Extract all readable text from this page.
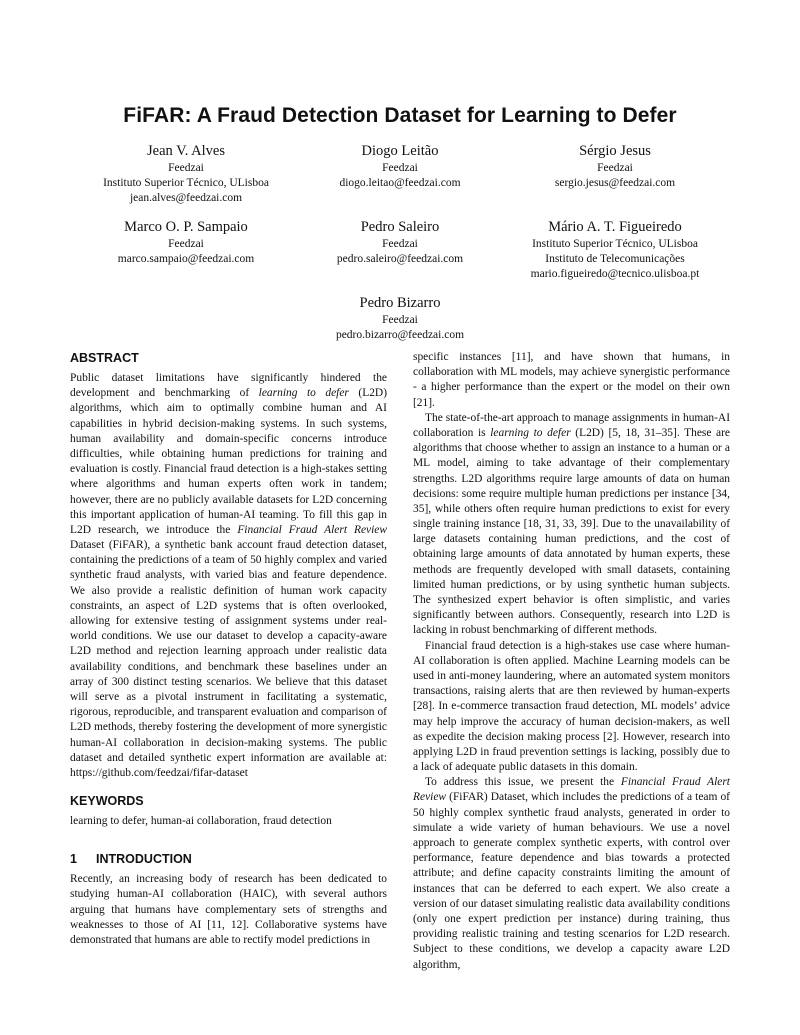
FiFAR: A Fraud Detection Dataset for Learning to Defer
Jean V. Alves
Feedzai
Instituto Superior Técnico, ULisboa
jean.alves@feedzai.com
Diogo Leitão
Feedzai
diogo.leitao@feedzai.com
Sérgio Jesus
Feedzai
sergio.jesus@feedzai.com
Marco O. P. Sampaio
Feedzai
marco.sampaio@feedzai.com
Pedro Saleiro
Feedzai
pedro.saleiro@feedzai.com
Mário A. T. Figueiredo
Instituto Superior Técnico, ULisboa
Instituto de Telecomunicações
mario.figueiredo@tecnico.ulisboa.pt
Pedro Bizarro
Feedzai
pedro.bizarro@feedzai.com
ABSTRACT

Public dataset limitations have significantly hindered the development and benchmarking of learning to defer (L2D) algorithms, which aim to optimally combine human and AI capabilities in hybrid decision-making systems. In such systems, human availability and domain-specific concerns introduce difficulties, while obtaining human predictions for training and evaluation is costly. Financial fraud detection is a high-stakes setting where algorithms and human experts often work in tandem; however, there are no publicly available datasets for L2D concerning this important application of human-AI teaming. To fill this gap in L2D research, we introduce the Financial Fraud Alert Review Dataset (FiFAR), a synthetic bank account fraud detection dataset, containing the predictions of a team of 50 highly complex and varied synthetic fraud analysts, with varied bias and feature dependence. We also provide a realistic definition of human work capacity constraints, an aspect of L2D systems that is often overlooked, allowing for extensive testing of assignment systems under real-world conditions. We use our dataset to develop a capacity-aware L2D method and rejection learning approach under realistic data availability conditions, and benchmark these baselines under an array of 300 distinct testing scenarios. We believe that this dataset will serve as a pivotal instrument in facilitating a systematic, rigorous, reproducible, and transparent evaluation and comparison of L2D methods, thereby fostering the development of more synergistic human-AI collaboration in decision-making systems. The public dataset and detailed synthetic expert information are available at: https://github.com/feedzai/fifar-dataset

KEYWORDS

learning to defer, human-ai collaboration, fraud detection

1 INTRODUCTION

Recently, an increasing body of research has been dedicated to studying human-AI collaboration (HAIC), with several authors arguing that humans have complementary sets of strengths and weaknesses to those of AI [11, 12]. Collaborative systems have demonstrated that humans are able to rectify model predictions in

specific instances [11], and have shown that humans, in collaboration with ML models, may achieve synergistic performance - a higher performance than the expert or the model on their own [21].

The state-of-the-art approach to manage assignments in human-AI collaboration is learning to defer (L2D) [5, 18, 31–35]. These are algorithms that choose whether to assign an instance to a human or a ML model, aiming to take advantage of their complementary strengths. L2D algorithms require large amounts of data on human decisions: some require multiple human predictions per instance [34, 35], while others often require human predictions to exist for every single training instance [18, 31, 33, 39]. Due to the unavailability of large datasets containing human predictions, and the cost of obtaining large amounts of data annotated by human experts, these methods are frequently developed with small datasets, containing limited human predictions, or by using synthetic human subjects. The synthesized expert behavior is often simplistic, and varies significantly between authors. Consequently, research into L2D is lacking in robust benchmarking of different methods.

Financial fraud detection is a high-stakes use case where human-AI collaboration is often applied. Machine Learning models can be used in anti-money laundering, where an automated system monitors transactions, raising alerts that are then reviewed by human-experts [28]. In e-commerce transaction fraud detection, ML models’ advice may help improve the accuracy of human decision-makers, as well as expedite the decision making process [2]. However, research into applying L2D in fraud prevention settings is lacking, possibly due to a lack of adequate public datasets in this domain.

To address this issue, we present the Financial Fraud Alert Review (FiFAR) Dataset, which includes the predictions of a team of 50 highly complex synthetic fraud analysts, generated in order to simulate a wide variety of human behaviours. We use a novel approach to generate complex synthetic experts, with control over performance, feature dependence and bias towards a protected attribute; and define capacity constraints limiting the amount of instances that can be deferred to each expert. We also create a version of our dataset simulating realistic data availability conditions (only one expert prediction per instance) during training, thus providing realistic training and testing scenarios for L2D research. Subject to these conditions, we develop a capacity aware L2D algorithm,
